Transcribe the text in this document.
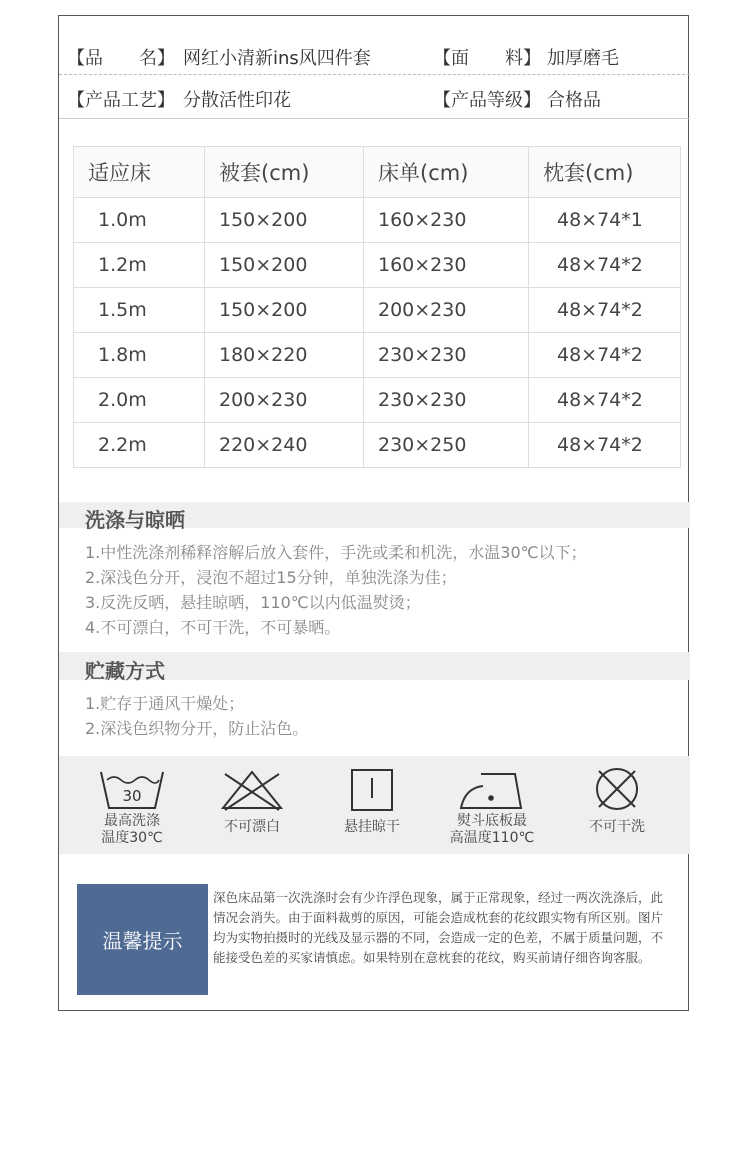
【品　　名】 网红小清新ins风四件套	【面　　料】 加厚磨毛
【产品工艺】 分散活性印花	【产品等级】 合格品
适应床	被套(cm)	床单(cm)	枕套(cm)
1.0m	150×200	160×230	48×74*1
1.2m	150×200	160×230	48×74*2
1.5m	150×200	200×230	48×74*2
1.8m	180×220	230×230	48×74*2
2.0m	200×230	230×230	48×74*2
2.2m	220×240	230×250	48×74*2
洗涤与晾晒
1.中性洗涤剂稀释溶解后放入套件，手洗或柔和机洗，水温30℃以下；
2.深浅色分开，浸泡不超过15分钟，单独洗涤为佳；
3.反洗反晒，悬挂晾晒，110℃以内低温熨烫；
4.不可漂白，不可干洗，不可暴晒。
贮藏方式
1.贮存于通风干燥处；
2.深浅色织物分开，防止沾色。
30
最高洗涤
温度30℃
不可漂白	悬挂晾干	熨斗底板最
高温度110℃
不可干洗
温馨提示
深色床品第一次洗涤时会有少许浮色现象，属于正常现象，经过一两次洗涤后，此情况会消失。由于面料裁剪的原因，可能会造成枕套的花纹跟实物有所区别。图片均为实物拍摄时的光线及显示器的不同，会造成一定的色差，不属于质量问题，不能接受色差的买家请慎虑。如果特别在意枕套的花纹，购买前请仔细咨询客服。
